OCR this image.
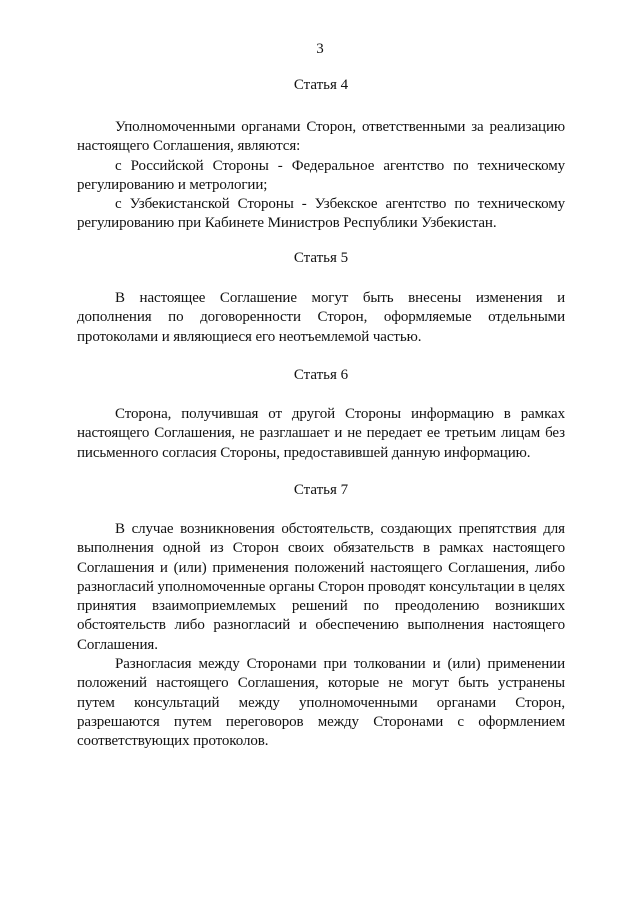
3
Статья 4

Уполномоченными органами Сторон, ответственными за реализацию настоящего Соглашения, являются:

с Российской Стороны - Федеральное агентство по техническому регулированию и метрологии;

с Узбекистанской Стороны - Узбекское агентство по техническому регулированию при Кабинете Министров Республики Узбекистан.

Статья 5

В настоящее Соглашение могут быть внесены изменения и дополнения по договоренности Сторон, оформляемые отдельными протоколами и являющиеся его неотъемлемой частью.

Статья 6

Сторона, получившая от другой Стороны информацию в рамках настоящего Соглашения, не разглашает и не передает ее третьим лицам без письменного согласия Стороны, предоставившей данную информацию.

Статья 7

В случае возникновения обстоятельств, создающих препятствия для выполнения одной из Сторон своих обязательств в рамках настоящего Соглашения и (или) применения положений настоящего Соглашения, либо разногласий уполномоченные органы Сторон проводят консультации в целях принятия взаимоприемлемых решений по преодолению возникших обстоятельств либо разногласий и обеспечению выполнения настоящего Соглашения.

Разногласия между Сторонами при толковании и (или) применении положений настоящего Соглашения, которые не могут быть устранены путем консультаций между уполномоченными органами Сторон, разрешаются путем переговоров между Сторонами с оформлением соответствующих протоколов.
